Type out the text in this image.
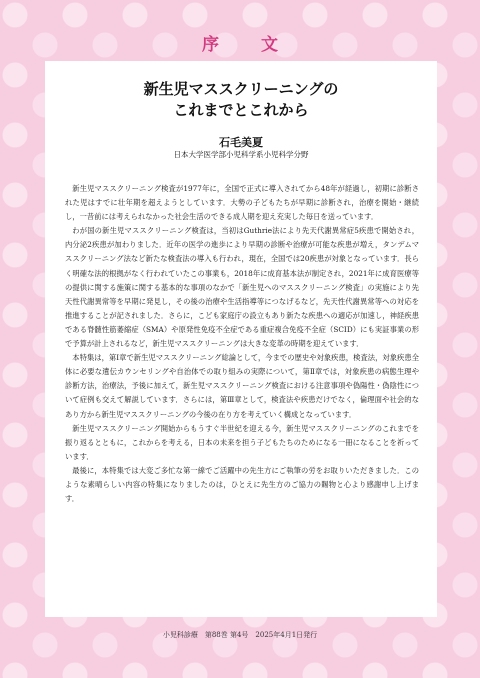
序 文
新生児マススクリーニングの
これまでとこれから
石毛美夏
日本大学医学部小児科学系小児科学分野

新生児マススクリーニング検査が1977年に，全国で正式に導入されてから48年が経過し，初期に診断された児はすでに壮年期を超えようとしています．大勢の子どもたちが早期に診断され，治療を開始・継続し，一昔前には考えられなかった社会生活のできる成人期を迎え充実した毎日を送っています．

わが国の新生児マススクリーニング検査は，当初はGuthrie法により先天代謝異常症5疾患で開始され，内分泌2疾患が加わりました．近年の医学の進歩により早期の診断や治療が可能な疾患が増え，タンデムマススクリーニング法など新たな検査法の導入も行われ，現在，全国では20疾患が対象となっています．長らく明確な法的根拠がなく行われていたこの事業も，2018年に成育基本法が制定され，2021年に成育医療等の提供に関する施策に関する基本的な事項のなかで「新生児へのマススクリーニング検査」の実施により先天性代謝異常等を早期に発見し，その後の治療や生活指導等につなげるなど，先天性代謝異常等への対応を推進することが記されました．さらに，こども家庭庁の設立もあり新たな疾患への適応が加速し，神経疾患である脊髄性筋萎縮症（SMA）や原発性免疫不全症である重症複合免疫不全症（SCID）にも実証事業の形で予算が計上されるなど，新生児マススクリーニングは大きな変革の時期を迎えています．

本特集は，第Ⅰ章で新生児マススクリーニング総論として，今までの歴史や対象疾患，検査法，対象疾患全体に必要な遺伝カウンセリングや自治体での取り組みの実際について，第Ⅱ章では，対象疾患の病態生理や診断方法，治療法，予後に加えて，新生児マススクリーニング検査における注意事項や偽陽性・偽陰性について症例も交えて解説しています．さらには，第Ⅲ章として，検査法や疾患だけでなく，倫理面や社会的なあり方から新生児マススクリーニングの今後の在り方を考えていく構成となっています．

新生児マススクリーニング開始からもうすぐ半世紀を迎える今，新生児マススクリーニングのこれまでを振り返るとともに，これからを考える，日本の未来を担う子どもたちのためになる一冊になることを祈っています．

最後に，本特集では大変ご多忙な第一線でご活躍中の先生方にご執筆の労をお取りいただきました．このような素晴らしい内容の特集になりましたのは，ひとえに先生方のご協力の賜物と心より感謝申し上げます．

小児科診療　第88巻 第4号　2025年4月1日発行
